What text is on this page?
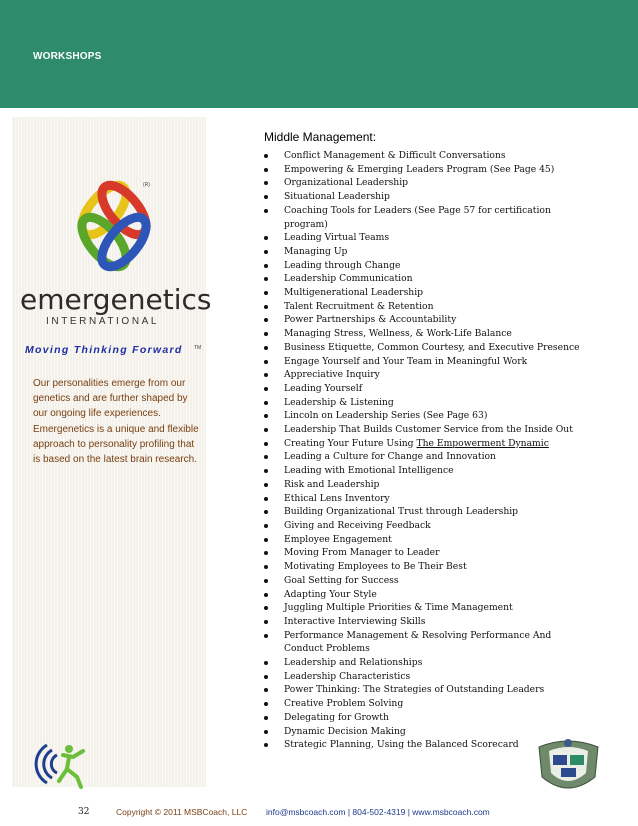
WORKSHOPS
(R)
emergenetics
INTERNATIONAL
Moving Thinking Forward TM
Our personalities emerge from our genetics and are further shaped by our ongoing life experiences. Emergenetics is a unique and flexible approach to personality profiling that is based on the latest brain research.
Middle Management:
Conflict Management & Difficult Conversations
Empowering & Emerging Leaders Program (See Page 45)
Organizational Leadership
Situational Leadership
Coaching Tools for Leaders (See Page 57 for certification program)
Leading Virtual Teams
Managing Up
Leading through Change
Leadership Communication
Multigenerational Leadership
Talent Recruitment & Retention
Power Partnerships & Accountability
Managing Stress, Wellness, & Work-Life Balance
Business Etiquette, Common Courtesy, and Executive Presence
Engage Yourself and Your Team in Meaningful Work
Appreciative Inquiry
Leading Yourself
Leadership & Listening
Lincoln on Leadership Series (See Page 63)
Leadership That Builds Customer Service from the Inside Out
Creating Your Future Using The Empowerment Dynamic
Leading a Culture for Change and Innovation
Leading with Emotional Intelligence
Risk and Leadership
Ethical Lens Inventory
Building Organizational Trust through Leadership
Giving and Receiving Feedback
Employee Engagement
Moving From Manager to Leader
Motivating Employees to Be Their Best
Goal Setting for Success
Adapting Your Style
Juggling Multiple Priorities & Time Management
Interactive Interviewing Skills
Performance Management & Resolving Performance And Conduct Problems
Leadership and Relationships
Leadership Characteristics
Power Thinking: The Strategies of Outstanding Leaders
Creative Problem Solving
Delegating for Growth
Dynamic Decision Making
Strategic Planning, Using the Balanced Scorecard
32	Copyright © 2011 MSBCoach, LLC info@msbcoach.com | 804-502-4319 | www.msbcoach.com
